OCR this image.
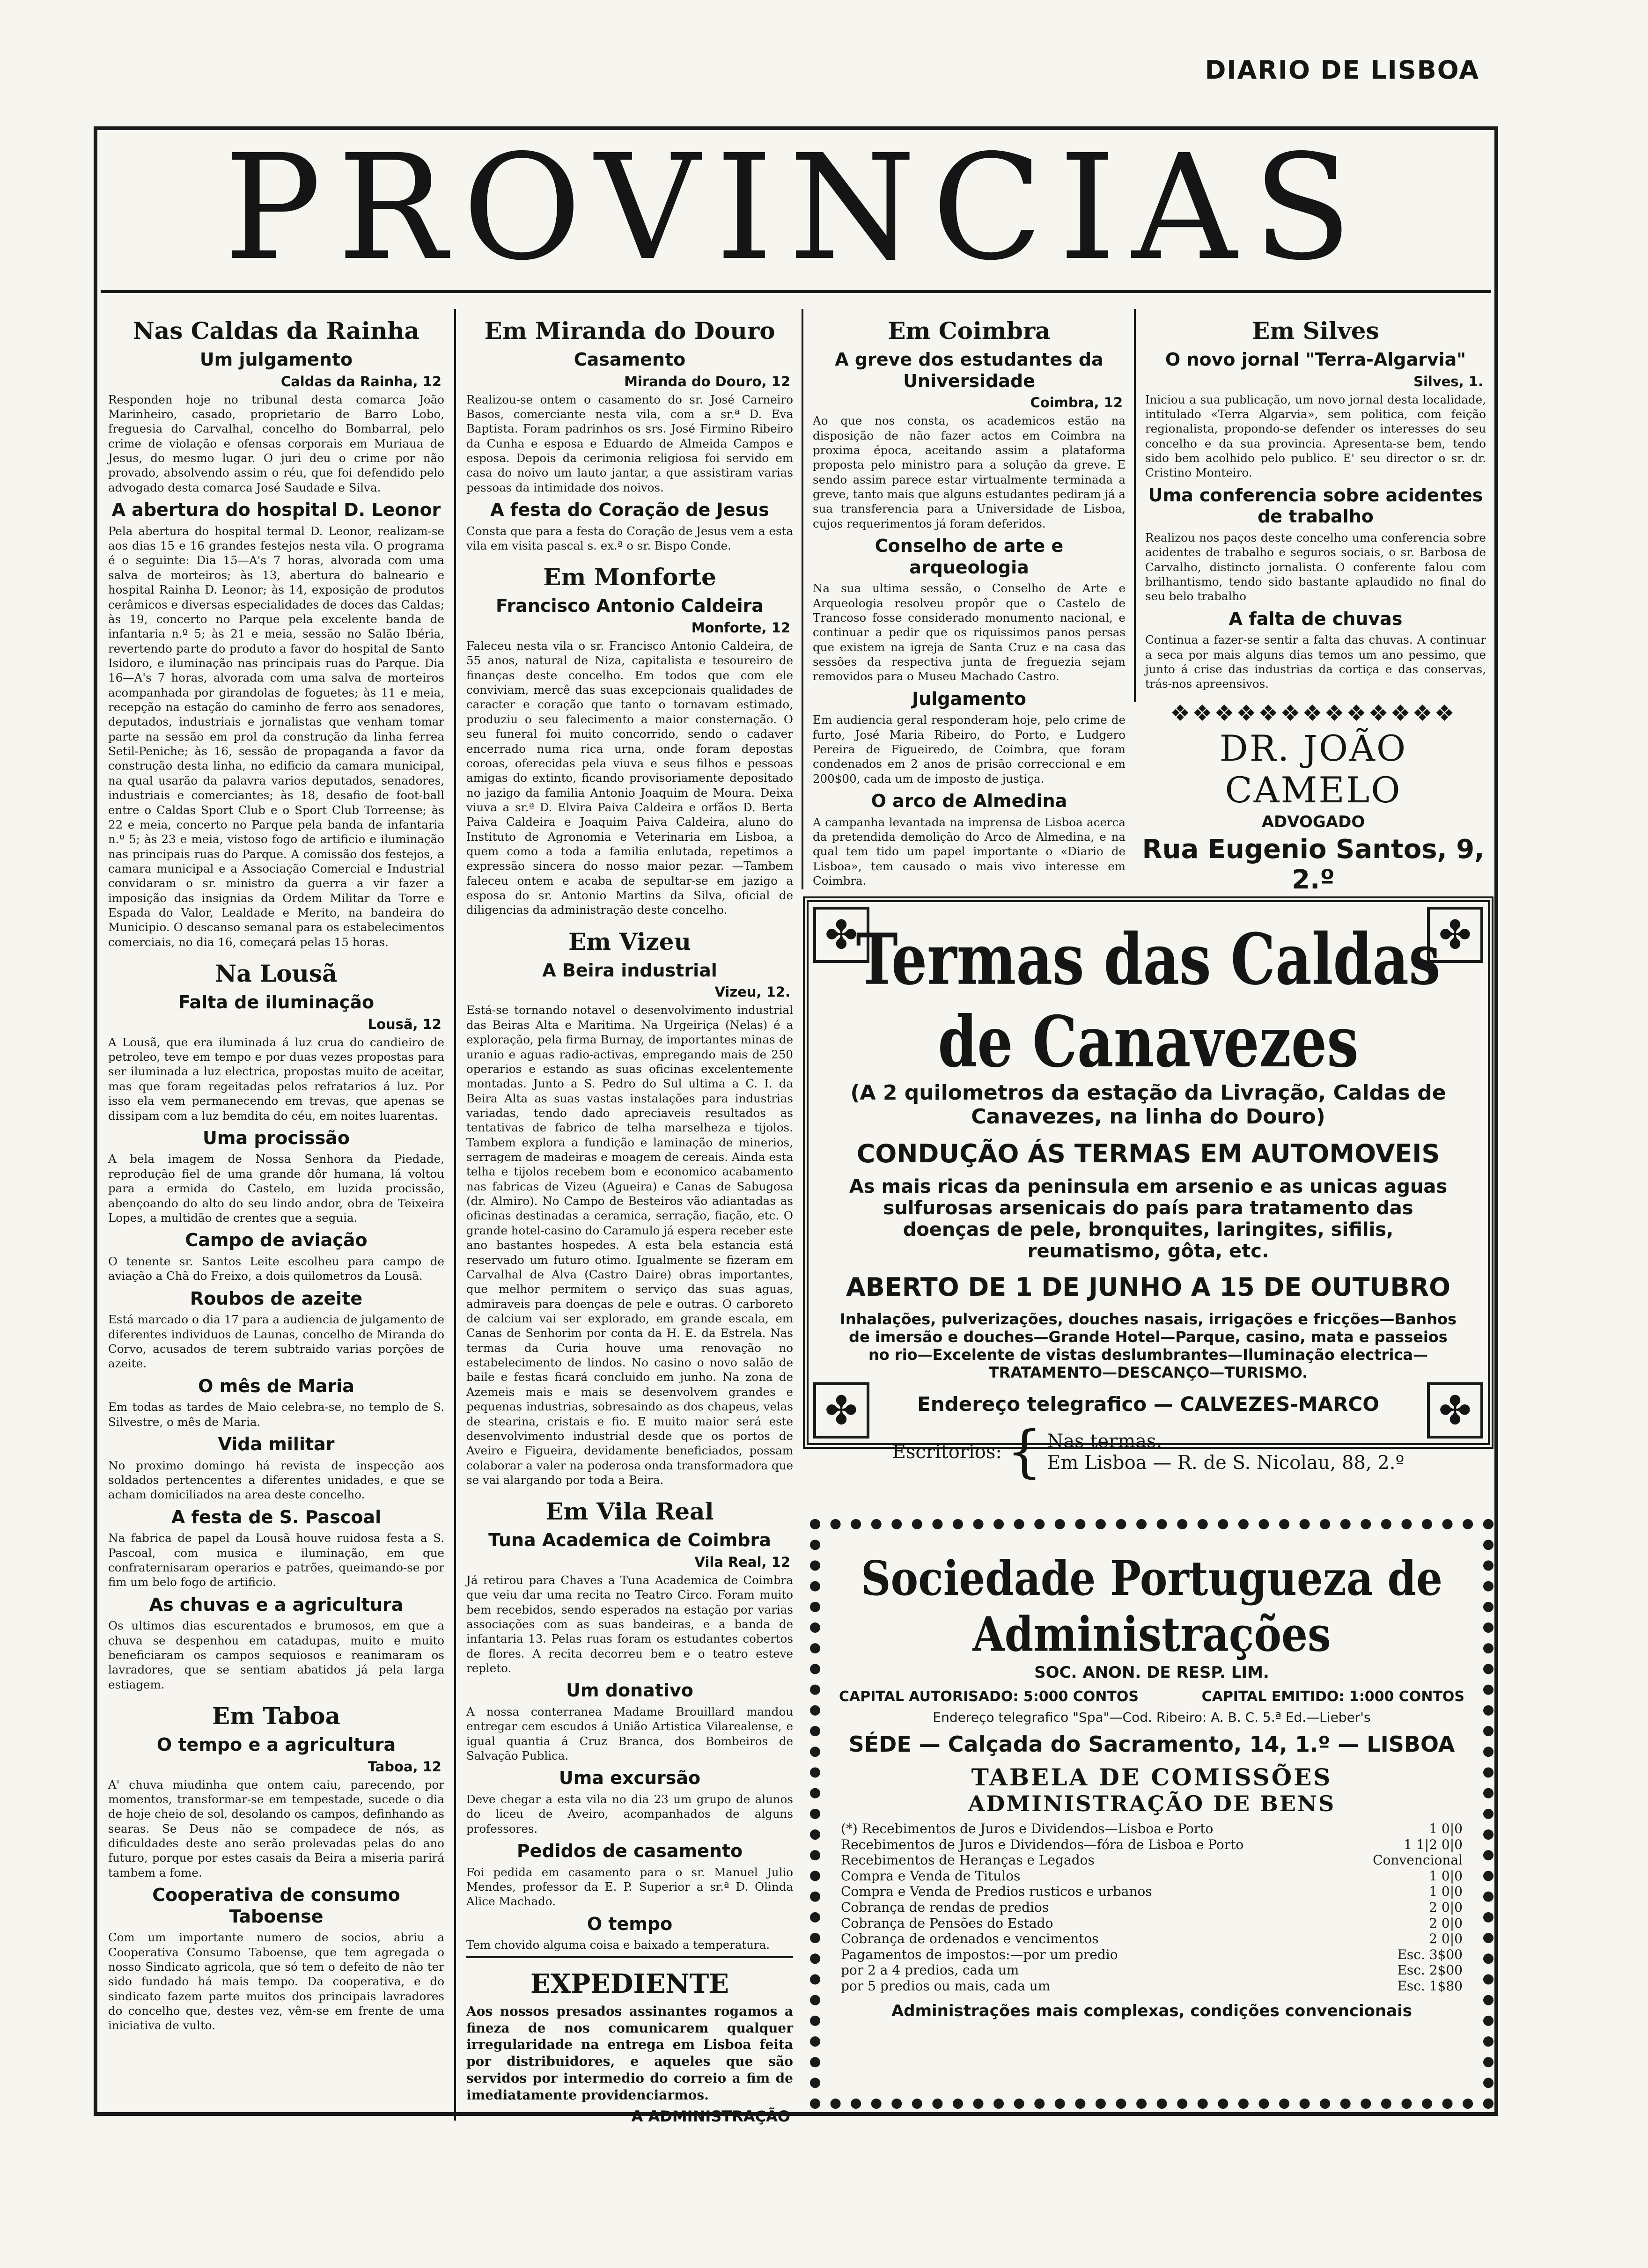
DIARIO DE LISBOA
PROVINCIAS
Nas Caldas da Rainha
Um julgamento
Caldas da Rainha, 12

Responden hoje no tribunal desta comarca João Marinheiro, casado, proprietario de Barro Lobo, freguesia do Carvalhal, concelho do Bombarral, pelo crime de violação e ofensas corporais em Muriaua de Jesus, do mesmo lugar. O juri deu o crime por não provado, absolvendo assim o réu, que foi defendido pelo advogado desta comarca José Saudade e Silva.

A abertura do hospital D. Leonor

Pela abertura do hospital termal D. Leonor, realizam-se aos dias 15 e 16 grandes festejos nesta vila. O programa é o seguinte: Dia 15—A's 7 horas, alvorada com uma salva de morteiros; às 13, abertura do balneario e hospital Rainha D. Leonor; às 14, exposição de produtos cerâmicos e diversas especialidades de doces das Caldas; às 19, concerto no Parque pela excelente banda de infantaria n.º 5; às 21 e meia, sessão no Salão Ibéria, revertendo parte do produto a favor do hospital de Santo Isidoro, e iluminação nas principais ruas do Parque. Dia 16—A's 7 horas, alvorada com uma salva de morteiros acompanhada por girandolas de foguetes; às 11 e meia, recepção na estação do caminho de ferro aos senadores, deputados, industriais e jornalistas que venham tomar parte na sessão em prol da construção da linha ferrea Setil-Peniche; às 16, sessão de propaganda a favor da construção desta linha, no edificio da camara municipal, na qual usarão da palavra varios deputados, senadores, industriais e comerciantes; às 18, desafio de foot-ball entre o Caldas Sport Club e o Sport Club Torreense; às 22 e meia, concerto no Parque pela banda de infantaria n.º 5; às 23 e meia, vistoso fogo de artificio e iluminação nas principais ruas do Parque. A comissão dos festejos, a camara municipal e a Associação Comercial e Industrial convidaram o sr. ministro da guerra a vir fazer a imposição das insignias da Ordem Militar da Torre e Espada do Valor, Lealdade e Merito, na bandeira do Municipio. O descanso semanal para os estabelecimentos comerciais, no dia 16, começará pelas 15 horas.

Na Lousã
Falta de iluminação
Lousã, 12

A Lousã, que era iluminada á luz crua do candieiro de petroleo, teve em tempo e por duas vezes propostas para ser iluminada a luz electrica, propostas muito de aceitar, mas que foram regeitadas pelos refratarios á luz. Por isso ela vem permanecendo em trevas, que apenas se dissipam com a luz bemdita do céu, em noites luarentas.

Uma procissão

A bela imagem de Nossa Senhora da Piedade, reprodução fiel de uma grande dôr humana, lá voltou para a ermida do Castelo, em luzida procissão, abençoando do alto do seu lindo andor, obra de Teixeira Lopes, a multidão de crentes que a seguia.

Campo de aviação

O tenente sr. Santos Leite escolheu para campo de aviação a Chã do Freixo, a dois quilometros da Lousã.

Roubos de azeite

Está marcado o dia 17 para a audiencia de julgamento de diferentes individuos de Launas, concelho de Miranda do Corvo, acusados de terem subtraido varias porções de azeite.

O mês de Maria

Em todas as tardes de Maio celebra-se, no templo de S. Silvestre, o mês de Maria.

Vida militar

No proximo domingo há revista de inspecção aos soldados pertencentes a diferentes unidades, e que se acham domiciliados na area deste concelho.

A festa de S. Pascoal

Na fabrica de papel da Lousã houve ruidosa festa a S. Pascoal, com musica e iluminação, em que confraternisaram operarios e patrões, queimando-se por fim um belo fogo de artificio.

As chuvas e a agricultura

Os ultimos dias escurentados e brumosos, em que a chuva se despenhou em catadupas, muito e muito beneficiaram os campos sequiosos e reanimaram os lavradores, que se sentiam abatidos já pela larga estiagem.

Em Taboa
O tempo e a agricultura
Taboa, 12

A' chuva miudinha que ontem caiu, parecendo, por momentos, transformar-se em tempestade, sucede o dia de hoje cheio de sol, desolando os campos, definhando as searas. Se Deus não se compadece de nós, as dificuldades deste ano serão prolevadas pelas do ano futuro, porque por estes casais da Beira a miseria parirá tambem a fome.

Cooperativa de consumo Taboense

Com um importante numero de socios, abriu a Cooperativa Consumo Taboense, que tem agregada o nosso Sindicato agricola, que só tem o defeito de não ter sido fundado há mais tempo. Da cooperativa, e do sindicato fazem parte muitos dos principais lavradores do concelho que, destes vez, vêm-se em frente de uma iniciativa de vulto.

Em Miranda do Douro
Casamento
Miranda do Douro, 12

Realizou-se ontem o casamento do sr. José Carneiro Basos, comerciante nesta vila, com a sr.ª D. Eva Baptista. Foram padrinhos os srs. José Firmino Ribeiro da Cunha e esposa e Eduardo de Almeida Campos e esposa. Depois da cerimonia religiosa foi servido em casa do noivo um lauto jantar, a que assistiram varias pessoas da intimidade dos noivos.

A festa do Coração de Jesus

Consta que para a festa do Coração de Jesus vem a esta vila em visita pascal s. ex.ª o sr. Bispo Conde.

Em Monforte
Francisco Antonio Caldeira
Monforte, 12

Faleceu nesta vila o sr. Francisco Antonio Caldeira, de 55 anos, natural de Niza, capitalista e tesoureiro de finanças deste concelho. Em todos que com ele conviviam, mercê das suas excepcionais qualidades de caracter e coração que tanto o tornavam estimado, produziu o seu falecimento a maior consternação. O seu funeral foi muito concorrido, sendo o cadaver encerrado numa rica urna, onde foram depostas coroas, oferecidas pela viuva e seus filhos e pessoas amigas do extinto, ficando provisoriamente depositado no jazigo da familia Antonio Joaquim de Moura. Deixa viuva a sr.ª D. Elvira Paiva Caldeira e orfãos D. Berta Paiva Caldeira e Joaquim Paiva Caldeira, aluno do Instituto de Agronomia e Veterinaria em Lisboa, a quem como a toda a familia enlutada, repetimos a expressão sincera do nosso maior pezar. —Tambem faleceu ontem e acaba de sepultar-se em jazigo a esposa do sr. Antonio Martins da Silva, oficial de diligencias da administração deste concelho.

Em Vizeu
A Beira industrial
Vizeu, 12.

Está-se tornando notavel o desenvolvimento industrial das Beiras Alta e Maritima. Na Urgeiriça (Nelas) é a exploração, pela firma Burnay, de importantes minas de uranio e aguas radio-activas, empregando mais de 250 operarios e estando as suas oficinas excelentemente montadas. Junto a S. Pedro do Sul ultima a C. I. da Beira Alta as suas vastas instalações para industrias variadas, tendo dado apreciaveis resultados as tentativas de fabrico de telha marselheza e tijolos. Tambem explora a fundição e laminação de minerios, serragem de madeiras e moagem de cereais. Ainda esta telha e tijolos recebem bom e economico acabamento nas fabricas de Vizeu (Agueira) e Canas de Sabugosa (dr. Almiro). No Campo de Besteiros vão adiantadas as oficinas destinadas a ceramica, serração, fiação, etc. O grande hotel-casino do Caramulo já espera receber este ano bastantes hospedes. A esta bela estancia está reservado um futuro otimo. Igualmente se fizeram em Carvalhal de Alva (Castro Daire) obras importantes, que melhor permitem o serviço das suas aguas, admiraveis para doenças de pele e outras. O carboreto de calcium vai ser explorado, em grande escala, em Canas de Senhorim por conta da H. E. da Estrela. Nas termas da Curia houve uma renovação no estabelecimento de lindos. No casino o novo salão de baile e festas ficará concluido em junho. Na zona de Azemeis mais e mais se desenvolvem grandes e pequenas industrias, sobresaindo as dos chapeus, velas de stearina, cristais e fio. E muito maior será este desenvolvimento industrial desde que os portos de Aveiro e Figueira, devidamente beneficiados, possam colaborar a valer na poderosa onda transformadora que se vai alargando por toda a Beira.

Em Vila Real
Tuna Academica de Coimbra
Vila Real, 12

Já retirou para Chaves a Tuna Academica de Coimbra que veiu dar uma recita no Teatro Circo. Foram muito bem recebidos, sendo esperados na estação por varias associações com as suas bandeiras, e a banda de infantaria 13. Pelas ruas foram os estudantes cobertos de flores. A recita decorreu bem e o teatro esteve repleto.

Um donativo

A nossa conterranea Madame Brouillard mandou entregar cem escudos á União Artistica Vilarealense, e igual quantia á Cruz Branca, dos Bombeiros de Salvação Publica.

Uma excursão

Deve chegar a esta vila no dia 23 um grupo de alunos do liceu de Aveiro, acompanhados de alguns professores.

Pedidos de casamento

Foi pedida em casamento para o sr. Manuel Julio Mendes, professor da E. P. Superior a sr.ª D. Olinda Alice Machado.

O tempo

Tem chovido alguma coisa e baixado a temperatura.

EXPEDIENTE

Aos nossos presados assinantes rogamos a fineza de nos comunicarem qualquer irregularidade na entrega em Lisboa feita por distribuidores, e aqueles que são servidos por intermedio do correio a fim de imediatamente providenciarmos.

A ADMINISTRAÇÃO
Em Coimbra
A greve dos estudantes da Universidade
Coimbra, 12

Ao que nos consta, os academicos estão na disposição de não fazer actos em Coimbra na proxima época, aceitando assim a plataforma proposta pelo ministro para a solução da greve. E sendo assim parece estar virtualmente terminada a greve, tanto mais que alguns estudantes pediram já a sua transferencia para a Universidade de Lisboa, cujos requerimentos já foram deferidos.

Conselho de arte e arqueologia

Na sua ultima sessão, o Conselho de Arte e Arqueologia resolveu propôr que o Castelo de Trancoso fosse considerado monumento nacional, e continuar a pedir que os riquissimos panos persas que existem na igreja de Santa Cruz e na casa das sessões da respectiva junta de freguezia sejam removidos para o Museu Machado Castro.

Julgamento

Em audiencia geral responderam hoje, pelo crime de furto, José Maria Ribeiro, do Porto, e Ludgero Pereira de Figueiredo, de Coimbra, que foram condenados em 2 anos de prisão correccional e em 200$00, cada um de imposto de justiça.

O arco de Almedina

A campanha levantada na imprensa de Lisboa acerca da pretendida demolição do Arco de Almedina, e na qual tem tido um papel importante o «Diario de Lisboa», tem causado o mais vivo interesse em Coimbra.

Em Silves
O novo jornal "Terra-Algarvia"
Silves, 1.

Iniciou a sua publicação, um novo jornal desta localidade, intitulado «Terra Algarvia», sem politica, com feição regionalista, propondo-se defender os interesses do seu concelho e da sua provincia. Apresenta-se bem, tendo sido bem acolhido pelo publico. E' seu director o sr. dr. Cristino Monteiro.

Uma conferencia sobre acidentes de trabalho

Realizou nos paços deste concelho uma conferencia sobre acidentes de trabalho e seguros sociais, o sr. Barbosa de Carvalho, distincto jornalista. O conferente falou com brilhantismo, tendo sido bastante aplaudido no final do seu belo trabalho

A falta de chuvas

Continua a fazer-se sentir a falta das chuvas. A continuar a seca por mais alguns dias temos um ano pessimo, que junto á crise das industrias da cortiça e das conservas, trás-nos apreensivos.

❖❖❖❖❖❖❖❖❖❖❖❖❖
DR. JOÃO CAMELO
ADVOGADO
Rua Eugenio Santos, 9, 2.º
✤	✤
✤	✤
Termas das Caldas de Canavezes
(A 2 quilometros da estação da Livração, Caldas de Canavezes, na linha do Douro)
CONDUÇÃO ÁS TERMAS EM AUTOMOVEIS
As mais ricas da peninsula em arsenio e as unicas aguas sulfurosas arsenicais do país para tratamento das doenças de pele, bronquites, laringites, sifilis, reumatismo, gôta, etc.
ABERTO DE 1 DE JUNHO A 15 DE OUTUBRO
Inhalações, pulverizações, douches nasais, irrigações e fricções—Banhos de imersão e douches—Grande Hotel—Parque, casino, mata e passeios no rio—Excelente de vistas deslumbrantes—Iluminação electrica—TRATAMENTO—DESCANÇO—TURISMO.
Endereço telegrafico — CALVEZES-MARCO
Escritorios: { Nas termas.
Em Lisboa — R. de S. Nicolau, 88, 2.º
Sociedade Portugueza de Administrações
SOC. ANON. DE RESP. LIM.
CAPITAL AUTORISADO: 5:000 CONTOS	CAPITAL EMITIDO: 1:000 CONTOS
Endereço telegrafico "Spa"—Cod. Ribeiro: A. B. C. 5.ª Ed.—Lieber's
SÉDE — Calçada do Sacramento, 14, 1.º — LISBOA
TABELA DE COMISSÕES
ADMINISTRAÇÃO DE BENS
(*) Recebimentos de Juros e Dividendos—Lisboa e Porto	1 0|0
Recebimentos de Juros e Dividendos—fóra de Lisboa e Porto	1 1|2 0|0
Recebimentos de Heranças e Legados	Convencional
Compra e Venda de Titulos	1 0|0
Compra e Venda de Predios rusticos e urbanos	1 0|0
Cobrança de rendas de predios	2 0|0
Cobrança de Pensões do Estado	2 0|0
Cobrança de ordenados e vencimentos	2 0|0
Pagamentos de impostos:—por um predio	Esc. 3$00
por 2 a 4 predios, cada um	Esc. 2$00
por 5 predios ou mais, cada um	Esc. 1$80
Administrações mais complexas, condições convencionais
